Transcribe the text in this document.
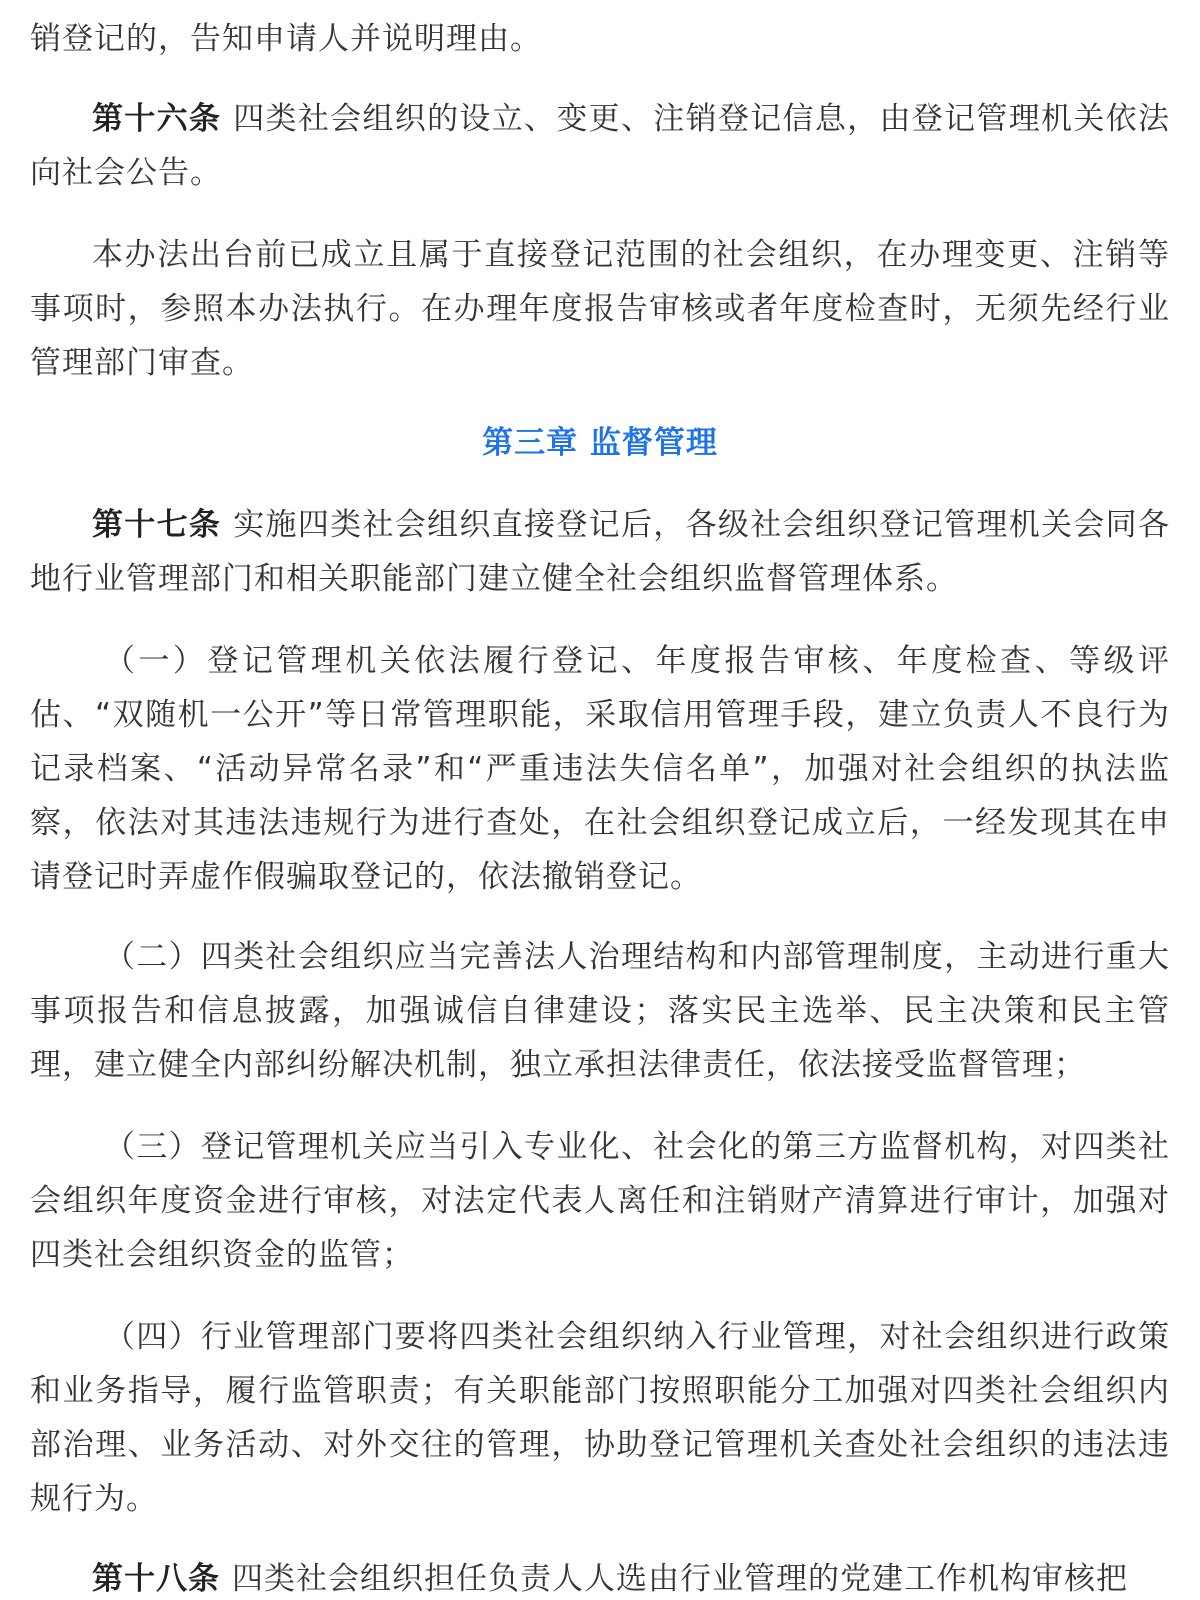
销登记的，告知申请人并说明理由。

第十六条 四类社会组织的设立、变更、注销登记信息，由登记管理机关依法向社会公告。

本办法出台前已成立且属于直接登记范围的社会组织，在办理变更、注销等事项时，参照本办法执行。在办理年度报告审核或者年度检查时，无须先经行业管理部门审查。

第三章 监督管理

第十七条 实施四类社会组织直接登记后，各级社会组织登记管理机关会同各地行业管理部门和相关职能部门建立健全社会组织监督管理体系。

（一）登记管理机关依法履行登记、年度报告审核、年度检查、等级评估、“双随机一公开”等日常管理职能，采取信用管理手段，建立负责人不良行为记录档案、“活动异常名录”和“严重违法失信名单”，加强对社会组织的执法监察，依法对其违法违规行为进行查处，在社会组织登记成立后，一经发现其在申请登记时弄虚作假骗取登记的，依法撤销登记。

（二）四类社会组织应当完善法人治理结构和内部管理制度，主动进行重大事项报告和信息披露，加强诚信自律建设；落实民主选举、民主决策和民主管理，建立健全内部纠纷解决机制，独立承担法律责任，依法接受监督管理；

（三）登记管理机关应当引入专业化、社会化的第三方监督机构，对四类社会组织年度资金进行审核，对法定代表人离任和注销财产清算进行审计，加强对四类社会组织资金的监管；

（四）行业管理部门要将四类社会组织纳入行业管理，对社会组织进行政策和业务指导，履行监管职责；有关职能部门按照职能分工加强对四类社会组织内部治理、业务活动、对外交往的管理，协助登记管理机关查处社会组织的违法违规行为。

第十八条 四类社会组织担任负责人人选由行业管理的党建工作机构审核把
